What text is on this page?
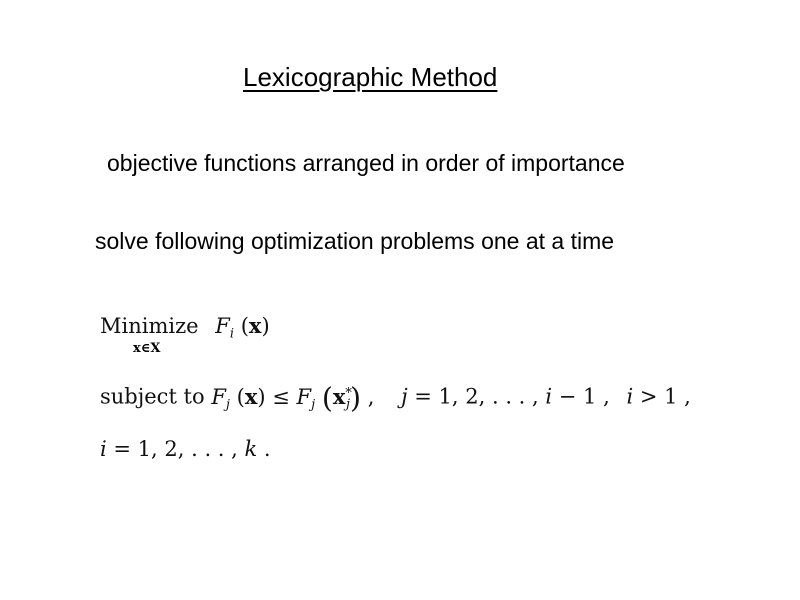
Lexicographic Method
objective functions arranged in order of importance
solve following optimization problems one at a time
Minimize $F_i$ (x)
x∈X
subject to $F_j$ $(x) \le F_j$ $(x^*_j)$ , j = 1, 2, . . . , i − 1 , i > 1 ,
i = 1, 2, . . . , k .
